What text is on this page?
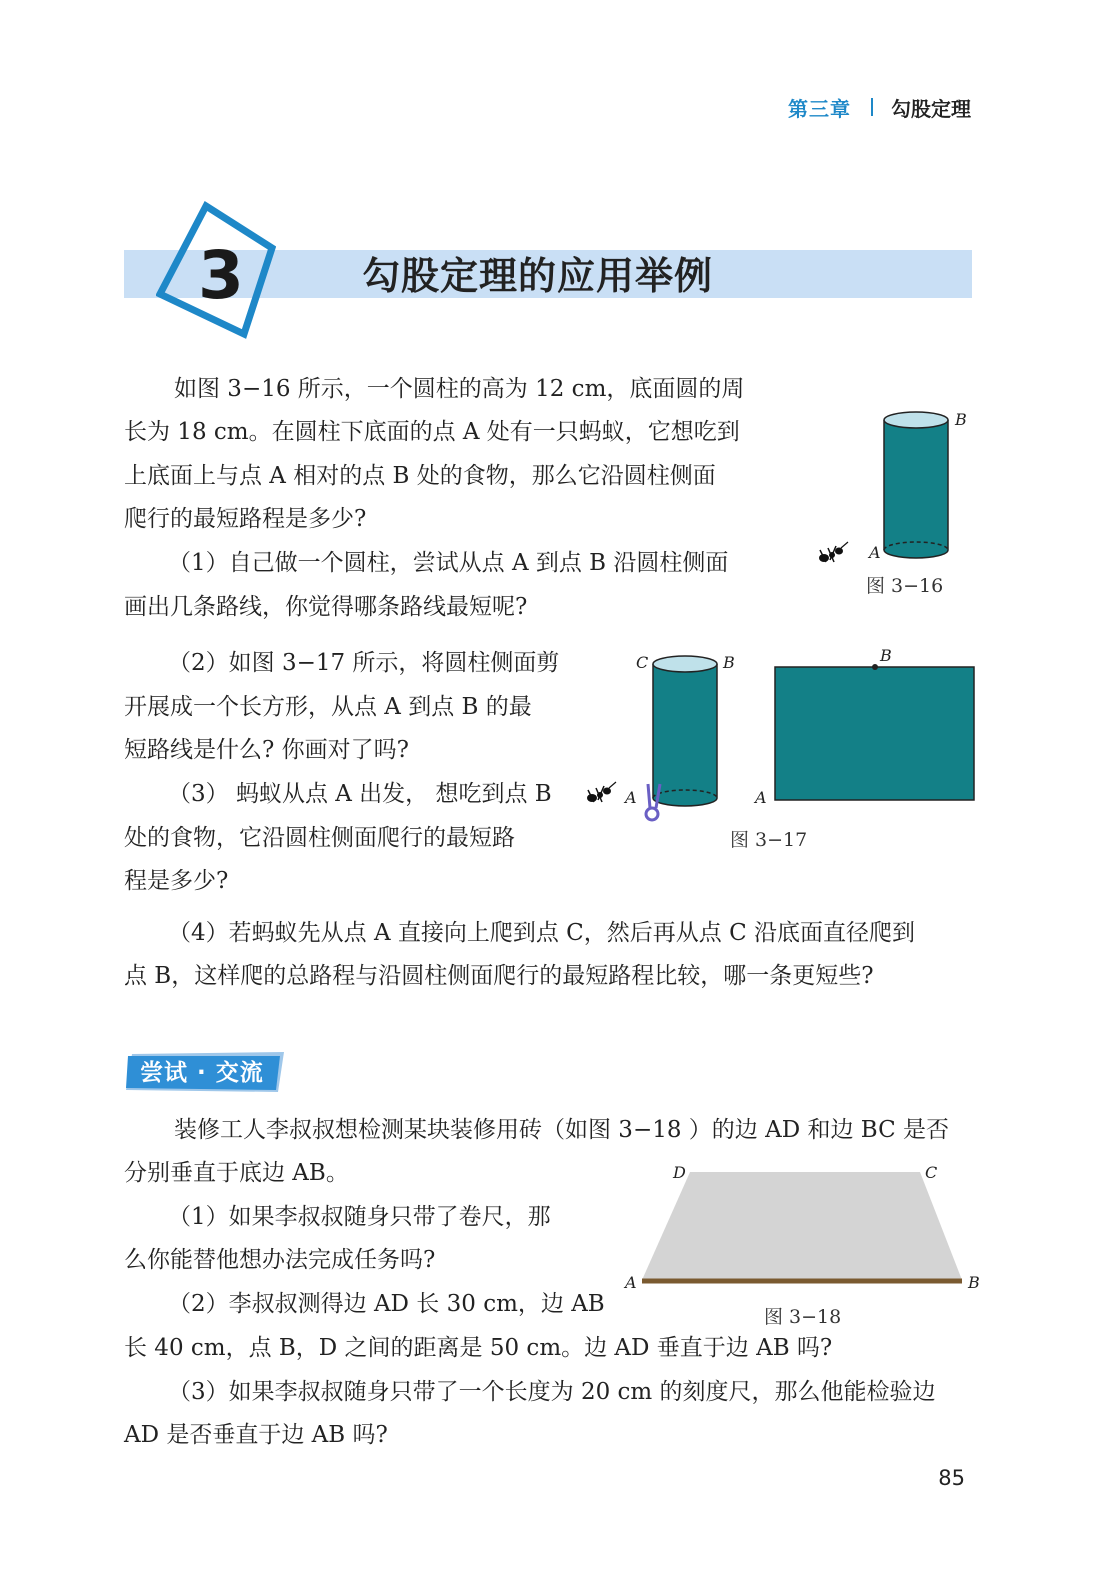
第三章 勾股定理
3	勾股定理的应用举例

如图 3−16 所示，一个圆柱的高为 12 cm，底面圆的周

长为 18 cm。在圆柱下底面的点 A 处有一只蚂蚁，它想吃到

上底面上与点 A 相对的点 B 处的食物，那么它沿圆柱侧面

爬行的最短路程是多少?

（1）自己做一个圆柱，尝试从点 A 到点 B 沿圆柱侧面

画出几条路线，你觉得哪条路线最短呢?

（2）如图 3−17 所示，将圆柱侧面剪

开展成一个长方形，从点 A 到点 B 的最

短路线是什么? 你画对了吗?

（3） 蚂蚁从点 A 出发， 想吃到点 B

处的食物，它沿圆柱侧面爬行的最短路

程是多少?

（4）若蚂蚁先从点 A 直接向上爬到点 C，然后再从点 C 沿底面直径爬到

点 B，这样爬的总路程与沿圆柱侧面爬行的最短路程比较，哪一条更短些?

A
B
图 3−16
C	B
A
B
A
图 3−17
尝试 · 交流

装修工人李叔叔想检测某块装修用砖（如图 3−18 ）的边 AD 和边 BC 是否

分别垂直于底边 AB。

（1）如果李叔叔随身只带了卷尺，那

么你能替他想办法完成任务吗?

（2）李叔叔测得边 AD 长 30 cm，边 AB

长 40 cm，点 B，D 之间的距离是 50 cm。边 AD 垂直于边 AB 吗?

（3）如果李叔叔随身只带了一个长度为 20 cm 的刻度尺，那么他能检验边

AD 是否垂直于边 AB 吗?

D	C
A	B
图 3−18
85
